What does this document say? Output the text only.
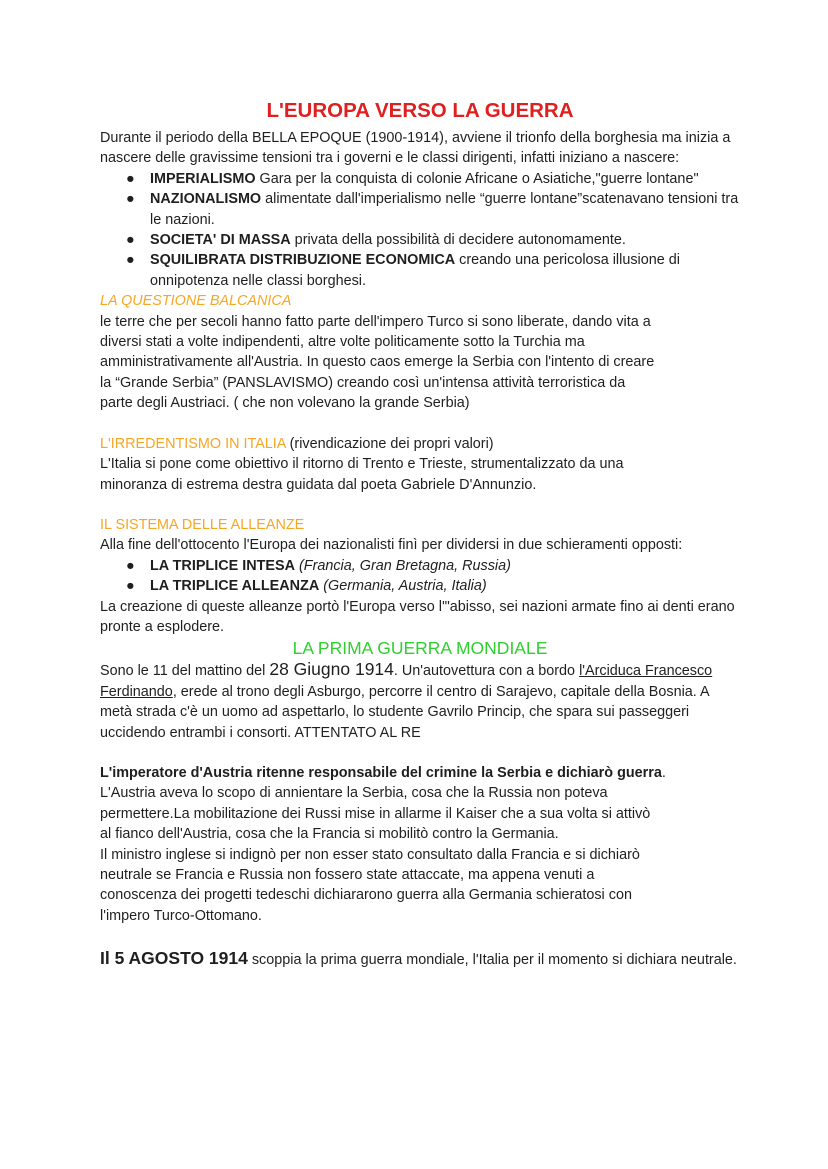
L'EUROPA VERSO LA GUERRA

Durante il periodo della BELLA EPOQUE (1900-1914), avviene il trionfo della borghesia ma inizia a nascere delle gravissime tensioni tra i governi e le classi dirigenti, infatti iniziano a nascere:

● IMPERIALISMO Gara per la conquista di colonie Africane o Asiatiche,"guerre lontane"
● NAZIONALISMO alimentate dall'imperialismo nelle “guerre lontane”scatenavano tensioni tra le nazioni.
● SOCIETA' DI MASSA privata della possibilità di decidere autonomamente.
● SQUILIBRATA DISTRIBUZIONE ECONOMICA creando una pericolosa illusione di onnipotenza nelle classi borghesi.

LA QUESTIONE BALCANICA

le terre che per secoli hanno fatto parte dell'impero Turco si sono liberate, dando vita a diversi stati a volte indipendenti, altre volte politicamente sotto la Turchia ma amministrativamente all'Austria. In questo caos emerge la Serbia con l'intento di creare la “Grande Serbia” (PANSLAVISMO) creando così un'intensa attività terroristica da parte degli Austriaci. ( che non volevano la grande Serbia)

L'IRREDENTISMO IN ITALIA (rivendicazione dei propri valori)

L'Italia si pone come obiettivo il ritorno di Trento e Trieste, strumentalizzato da una minoranza di estrema destra guidata dal poeta Gabriele D'Annunzio.

IL SISTEMA DELLE ALLEANZE

Alla fine dell'ottocento l'Europa dei nazionalisti finì per dividersi in due schieramenti opposti:

● LA TRIPLICE INTESA (Francia, Gran Bretagna, Russia)
● LA TRIPLICE ALLEANZA (Germania, Austria, Italia)

La creazione di queste alleanze portò l'Europa verso l'"abisso, sei nazioni armate fino ai denti erano pronte a esplodere.

LA PRIMA GUERRA MONDIALE

Sono le 11 del mattino del 28 Giugno 1914. Un'autovettura con a bordo l'Arciduca Francesco Ferdinando, erede al trono degli Asburgo, percorre il centro di Sarajevo, capitale della Bosnia. A metà strada c'è un uomo ad aspettarlo, lo studente Gavrilo Princip, che spara sui passeggeri uccidendo entrambi i consorti. ATTENTATO AL RE

L'imperatore d'Austria ritenne responsabile del crimine la Serbia e dichiarò guerra.
L'Austria aveva lo scopo di annientare la Serbia, cosa che la Russia non poteva permettere.La mobilitazione dei Russi mise in allarme il Kaiser che a sua volta si attivò al fianco dell'Austria, cosa che la Francia si mobilitò contro la Germania.

Il ministro inglese si indignò per non esser stato consultato dalla Francia e si dichiarò neutrale se Francia e Russia non fossero state attaccate, ma appena venuti a conoscenza dei progetti tedeschi dichiararono guerra alla Germania schieratosi con l'impero Turco-Ottomano.

Il 5 AGOSTO 1914 scoppia la prima guerra mondiale, l'Italia per il momento si dichiara neutrale.
